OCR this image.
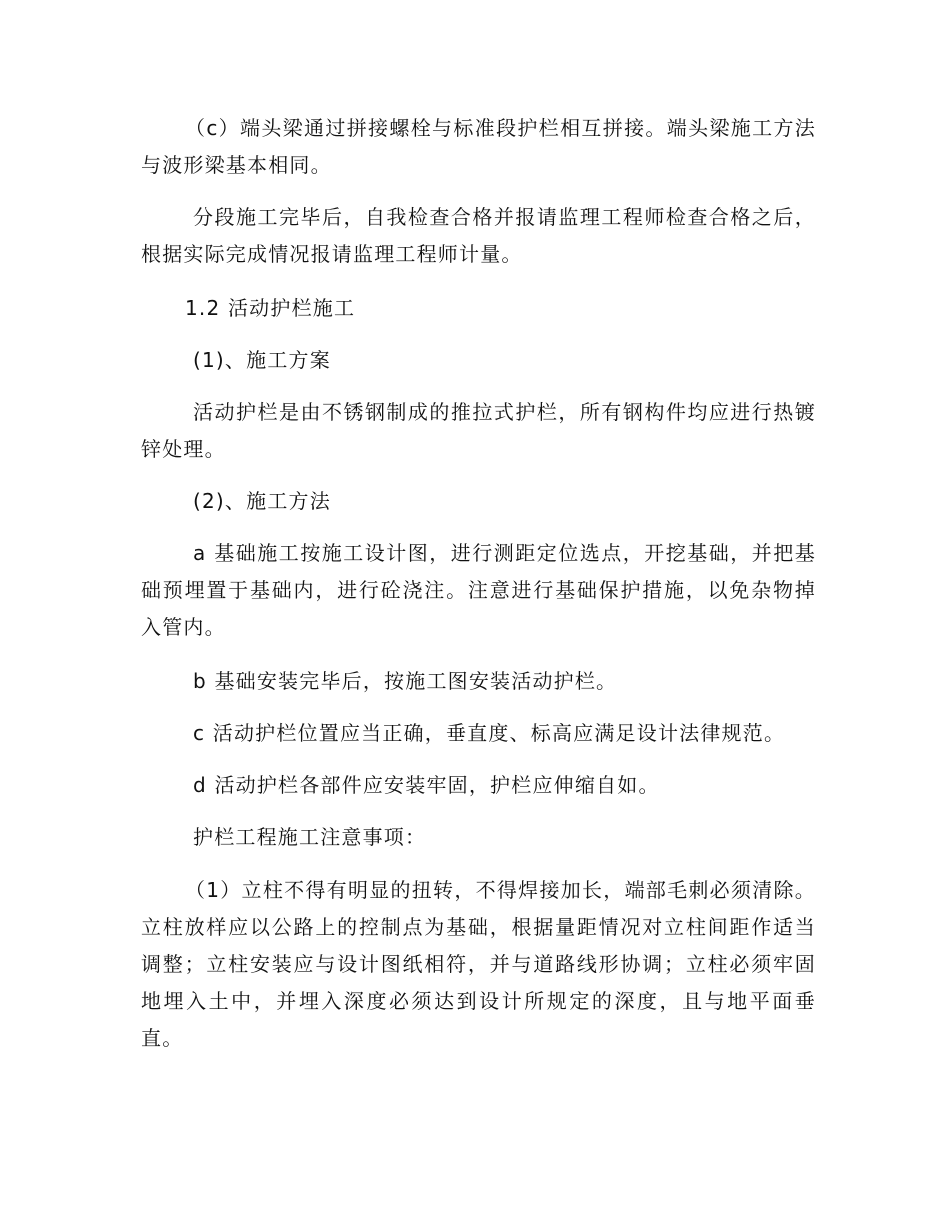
（c）端头梁通过拼接螺栓与标准段护栏相互拼接。端头梁施工方法与波形梁基本相同。

分段施工完毕后，自我检查合格并报请监理工程师检查合格之后，根据实际完成情况报请监理工程师计量。

1.2 活动护栏施工

(1)、施工方案

活动护栏是由不锈钢制成的推拉式护栏，所有钢构件均应进行热镀锌处理。

(2)、施工方法

a 基础施工按施工设计图，进行测距定位选点，开挖基础，并把基础预埋置于基础内，进行砼浇注。注意进行基础保护措施，以免杂物掉入管内。

b 基础安装完毕后，按施工图安装活动护栏。

c 活动护栏位置应当正确，垂直度、标高应满足设计法律规范。

d 活动护栏各部件应安装牢固，护栏应伸缩自如。

护栏工程施工注意事项：

（1）立柱不得有明显的扭转，不得焊接加长，端部毛刺必须清除。立柱放样应以公路上的控制点为基础，根据量距情况对立柱间距作适当调整；立柱安装应与设计图纸相符，并与道路线形协调；立柱必须牢固地埋入土中，并埋入深度必须达到设计所规定的深度，且与地平面垂直。
